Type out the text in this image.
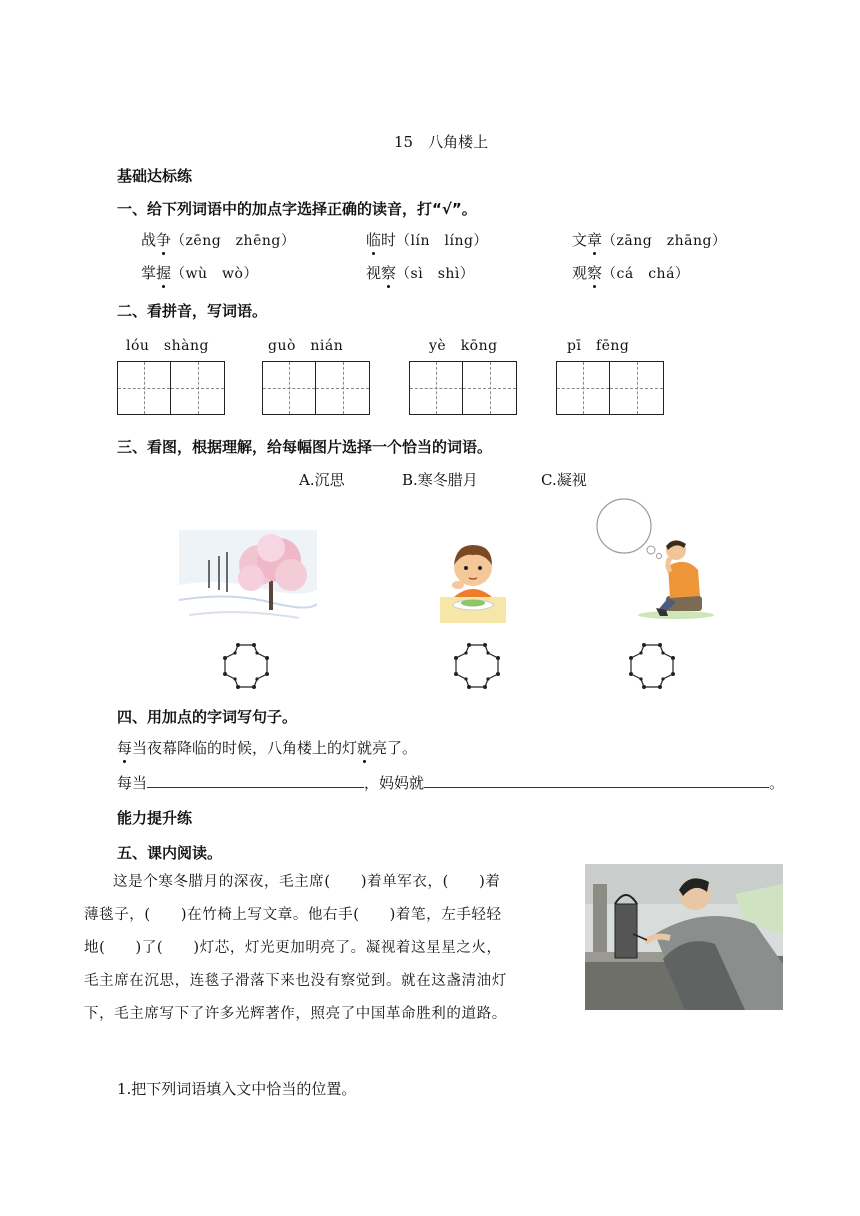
15　八角楼上
基础达标练
一、给下列词语中的加点字选择正确的读音，打“√”。
战争（zēng　zhēng）	临时（lín　líng）	文章（zāng　zhāng）
掌握（wù　wò）	视察（sì　shì）	观察（cá　chá）
二、看拼音，写词语。
lóu　shàng	guò　nián	yè　kōng	pī　fēng
三、看图，根据理解，给每幅图片选择一个恰当的词语。
A.沉思	B.寒冬腊月	C.凝视
四、用加点的字词写句子。
每当夜幕降临的时候，八角楼上的灯就亮了。
每当	，妈妈就	。
能力提升练
五、课内阅读。
这是个寒冬腊月的深夜，毛主席(　　)着单军衣，(　　)着
薄毯子，(　　)在竹椅上写文章。他右手(　　)着笔，左手轻轻
地(　　)了(　　)灯芯，灯光更加明亮了。凝视着这星星之火，
毛主席在沉思，连毯子滑落下来也没有察觉到。就在这盏清油灯
下，毛主席写下了许多光辉著作，照亮了中国革命胜利的道路。
1.把下列词语填入文中恰当的位置。
